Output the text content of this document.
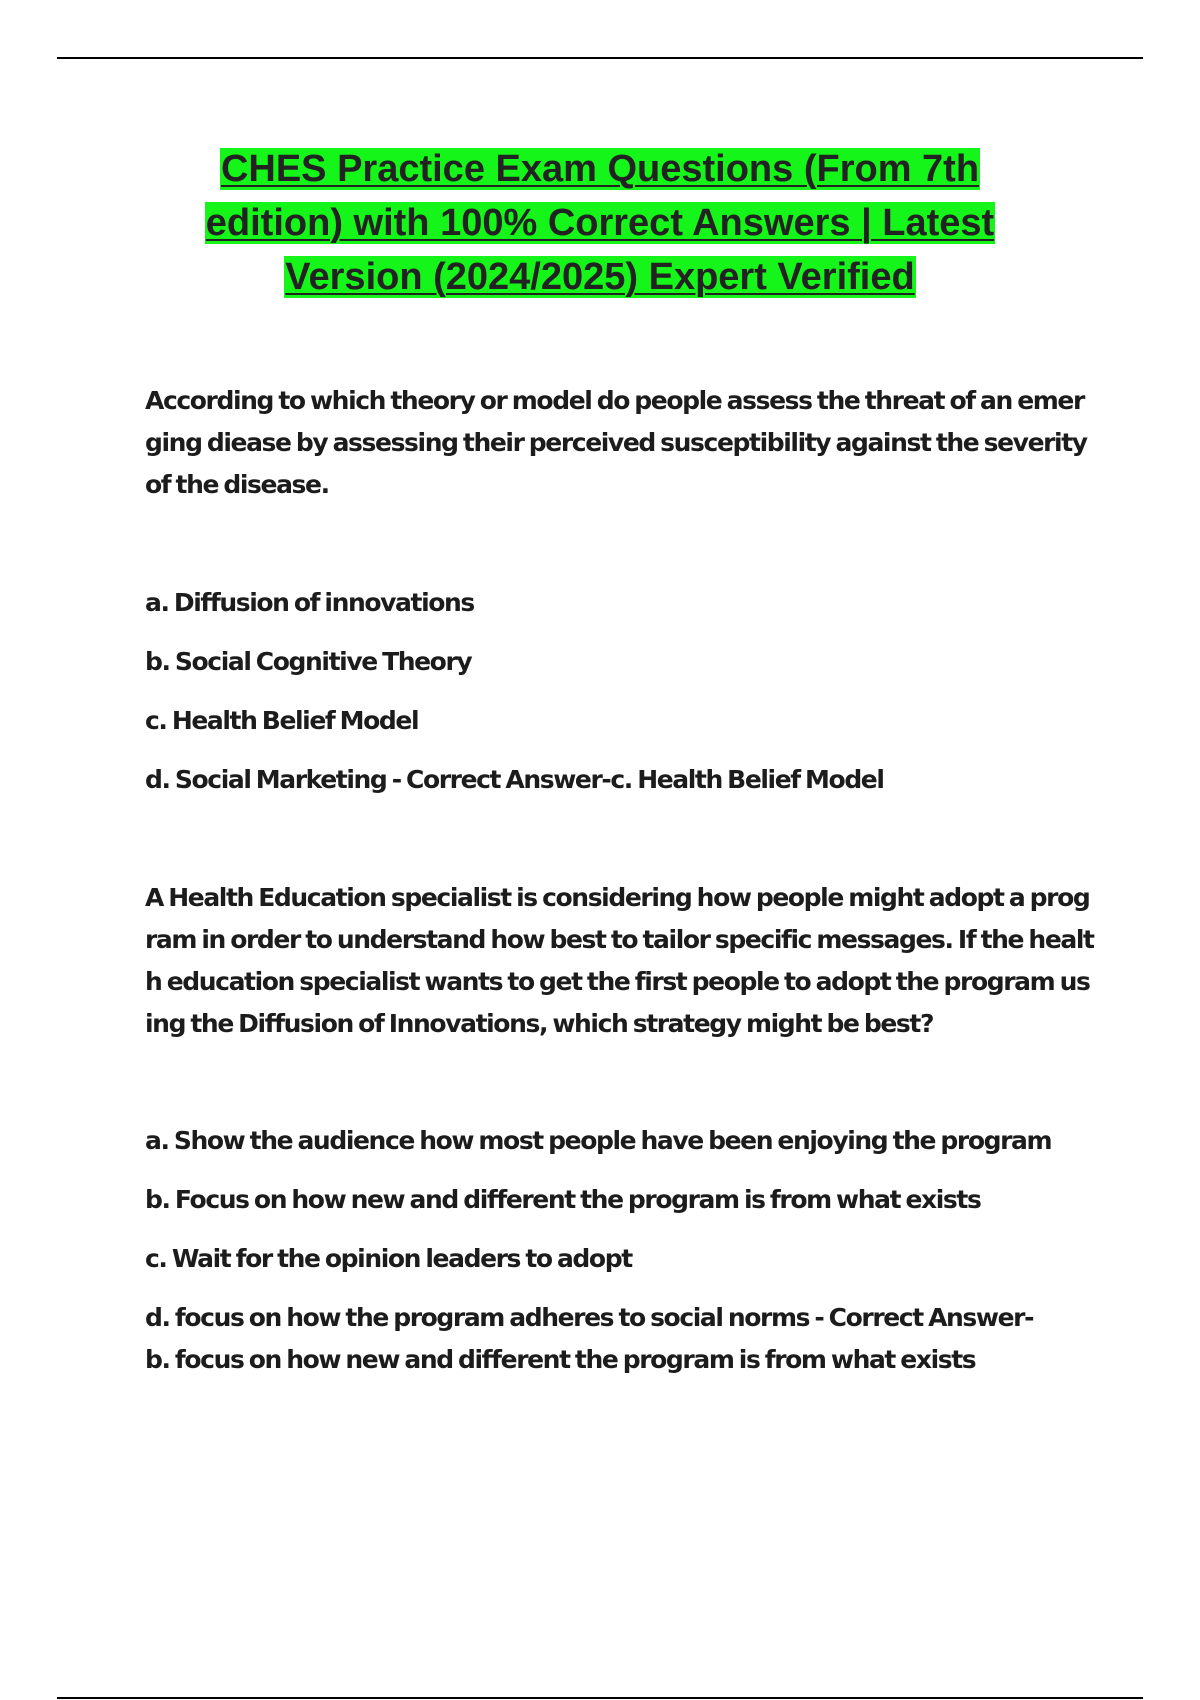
CHES Practice Exam Questions (From 7th
edition) with 100% Correct Answers | Latest
Version (2024/2025) Expert Verified

According to which theory or model do people assess the threat of an emerging diease by assessing their perceived susceptibility against the severity of the disease.

a. Diffusion of innovations

b. Social Cognitive Theory

c. Health Belief Model

d. Social Marketing - Correct Answer-c. Health Belief Model

A Health Education specialist is considering how people might adopt a program in order to understand how best to tailor specific messages. If the health education specialist wants to get the first people to adopt the program using the Diffusion of Innovations, which strategy might be best?

a. Show the audience how most people have been enjoying the program

b. Focus on how new and different the program is from what exists

c. Wait for the opinion leaders to adopt

d. focus on how the program adheres to social norms - Correct Answer-
b. focus on how new and different the program is from what exists
